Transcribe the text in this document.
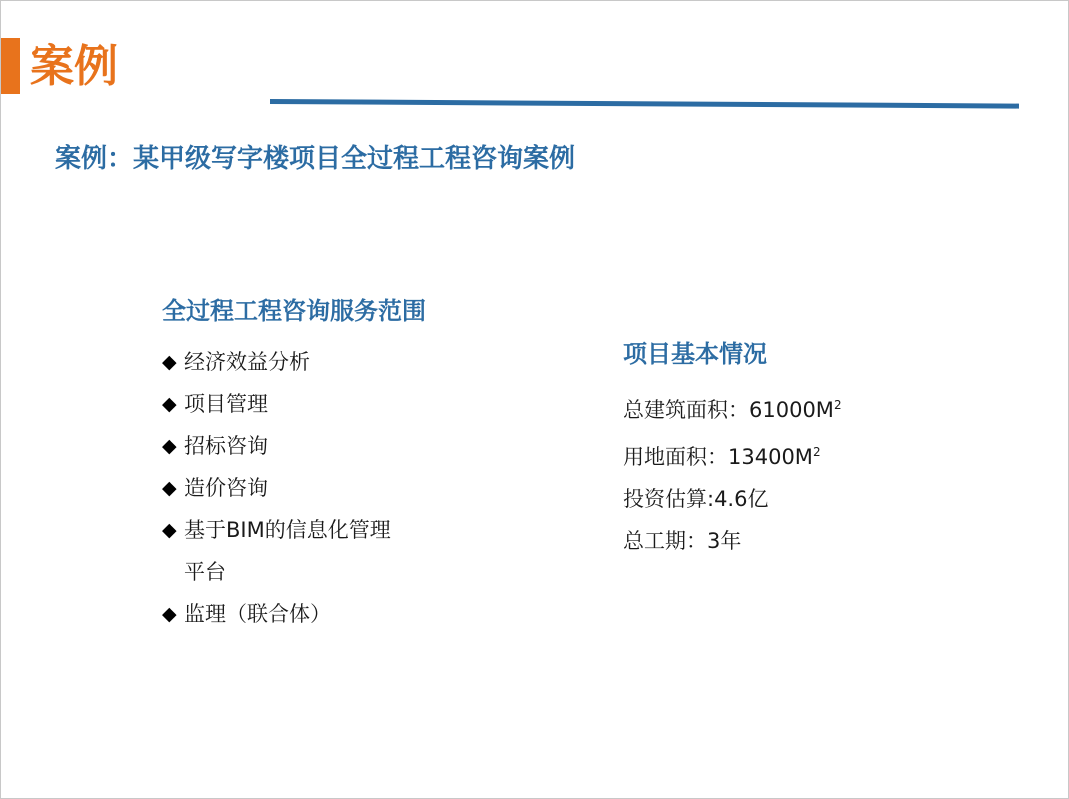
案例
案例：某甲级写字楼项目全过程工程咨询案例
全过程工程咨询服务范围
◆ 经济效益分析
◆ 项目管理
◆ 招标咨询
◆ 造价咨询
◆ 基于BIM的信息化管理平台
◆ 监理（联合体）
项目基本情况
总建筑面积：$61000M^2$
用地面积：$13400M^2$
投资估算:4.6亿
总工期：3年
